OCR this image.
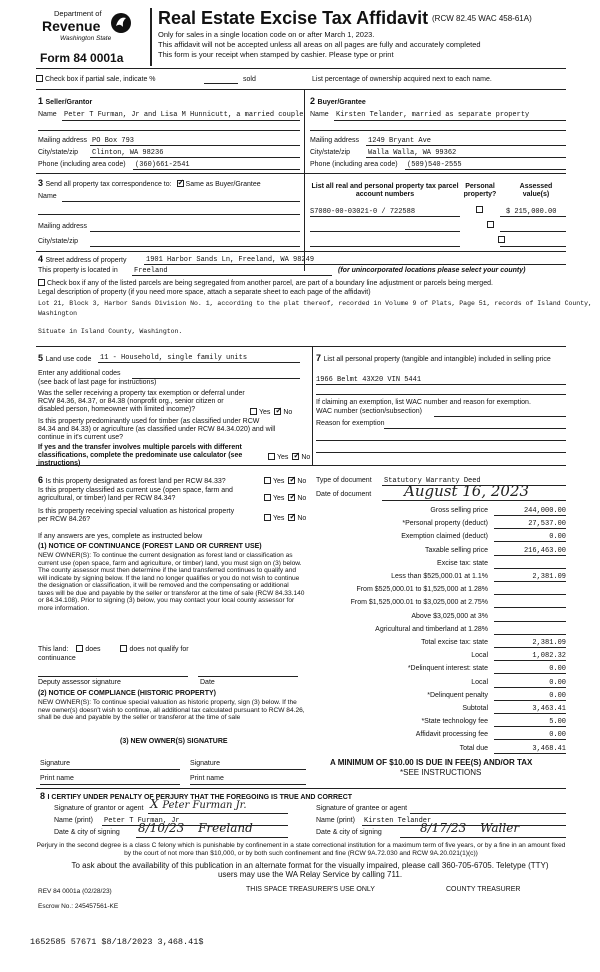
Department of
Revenue
Washington State
Form 84 0001a
Real Estate Excise Tax Affidavit (RCW 82.45 WAC 458-61A)
Only for sales in a single location code on or after March 1, 2023.
This affidavit will not be accepted unless all areas on all pages are fully and accurately completed
This form is your receipt when stamped by cashier. Please type or print
Check box if partial sale, indicate %	sold	List percentage of ownership acquired next to each name.
1 Seller/Grantor
Name Peter T Furman, Jr and Lisa M Hunnicutt, a married couple
Mailing address PO Box 793
City/state/zip Clinton, WA 98236
Phone (including area code) (360)661-2541
2 Buyer/Grantee
Name Kirsten Telander, married as separate property
Mailing address 1249 Bryant Ave
City/state/zip	Walla Walla, WA 99362
Phone (including area code) (509)540-2555
3 Send all property tax correspondence to: ✓ Same as Buyer/Grantee
Name
Mailing address
City/state/zip
List all real and personal property tax parcel account numbers
Personal property?
Assessed value(s)
S7080-00-03021-0 / 722588
	$ 215,000.00

4 Street address of property	1901 Harbor Sands Ln, Freeland, WA 98249
This property is located in Freeland	(for unincorporated locations please select your county)
Check box if any of the listed parcels are being segregated from another parcel, are part of a boundary line adjustment or parcels being merged.
Legal description of property (if you need more space, attach a separate sheet to each page of the affidavit)
Lot 21, Block 3, Harbor Sands Division No. 1, according to the plat thereof, recorded in Volume 9 of Plats, Page 51, records of Island County,
Washington
Situate in Island County, Washington.
5 Land use code 11 - Household, single family units
Enter any additional codes
(see back of last page for instructions)
Was the seller receiving a property tax exemption or deferral under RCW 84.36, 84.37, or 84.38 (nonprofit org., senior citizen or disabled person, homeowner with limited income)?	Yes ✓ No
Is this property predominantly used for timber (as classified under RCW 84.34 and 84.33) or agriculture (as classified under RCW 84.34.020) and will continue in it's current use?
If yes and the transfer involves multiple parcels with different classifications, complete the predominate use calculator (see instructions)
Yes ✓ No
7 List all personal property (tangible and intangible) included in selling price
1966 Belmt 43X20 VIN 5441
If claiming an exemption, list WAC number and reason for exemption.
WAC number (section/subsection)
Reason for exemption
6 Is this property designated as forest land per RCW 84.33?	Yes ✓ No
Is this property classified as current use (open space, farm and agricultural, or timber) land per RCW 84.34?	Yes ✓ No
Is this property receiving special valuation as historical property per RCW 84.26?	Yes ✓ No
If any answers are yes, complete as instructed below
(1) NOTICE OF CONTINUANCE (FOREST LAND OR CURRENT USE)
NEW OWNER(S): To continue the current designation as forest land or classification as current use (open space, farm and agriculture, or timber) land, you must sign on (3) below. The county assessor must then determine if the land transferred continues to qualify and will indicate by signing below. If the land no longer qualifies or you do not wish to continue the designation or classification, it will be removed and the compensating or additional taxes will be due and payable by the seller or transferor at the time of sale (RCW 84.33.140 or 84.34.108). Prior to signing (3) below, you may contact your local county assessor for more information.
This land: does	does not qualify for
continuance
Deputy assessor signature	Date
(2) NOTICE OF COMPLIANCE (HISTORIC PROPERTY)
NEW OWNER(S): To continue special valuation as historic property, sign (3) below. If the new owner(s) doesn't wish to continue, all additional tax calculated pursuant to RCW 84.26, shall be due and payable by the seller or transferor at the time of sale
(3) NEW OWNER(S) SIGNATURE
Signature	Signature
Print name	Print name
Type of document Statutory Warranty Deed
Date of document August 16, 2023
Gross selling price	244,000.00
*Personal property (deduct)	27,537.00
Exemption claimed (deduct)	0.00
Taxable selling price	216,463.00
Excise tax: state
Less than $525,000.01 at 1.1%	2,381.09
From $525,000.01 to $1,525,000 at 1.28%
From $1,525,000.01 to $3,025,000 at 2.75%
Above $3,025,000 at 3%
Agricultural and timberland at 1.28%
Total excise tax: state	2,381.09
Local	1,082.32
*Delinquent interest: state	0.00
Local	0.00
*Delinquent penalty	0.00
Subtotal	3,463.41
*State technology fee	5.00
Affidavit processing fee	0.00
Total due	3,468.41
A MINIMUM OF $10.00 IS DUE IN FEE(S) AND/OR TAX
*SEE INSTRUCTIONS
8 I CERTIFY UNDER PENALTY OF PERJURY THAT THE FOREGOING IS TRUE AND CORRECT
Signature of grantor or agent X Peter Furman Jr.
Name (print) Peter T Furman, Jr
Date & city of signing 8/10/23 Freeland
Signature of grantee or agent
Name (print) Kirsten Telander
Date & city of signing	8/17/23 Waller
Perjury in the second degree is a class C felony which is punishable by confinement in a state correctional institution for a maximum term of five years, or by a fine in an amount fixed by the court of not more than $10,000, or by both such confinement and fine (RCW 9A.72.030 and RCW 9A.20.021(1)(c))
To ask about the availability of this publication in an alternate format for the visually impaired, please call 360-705-6705. Teletype (TTY) users may use the WA Relay Service by calling 711.
REV 84 0001a (02/28/23)	THIS SPACE TREASURER'S USE ONLY	COUNTY TREASURER
Escrow No.: 245457561-KE
1652585 57671 $8/18/2023 3,468.41$
